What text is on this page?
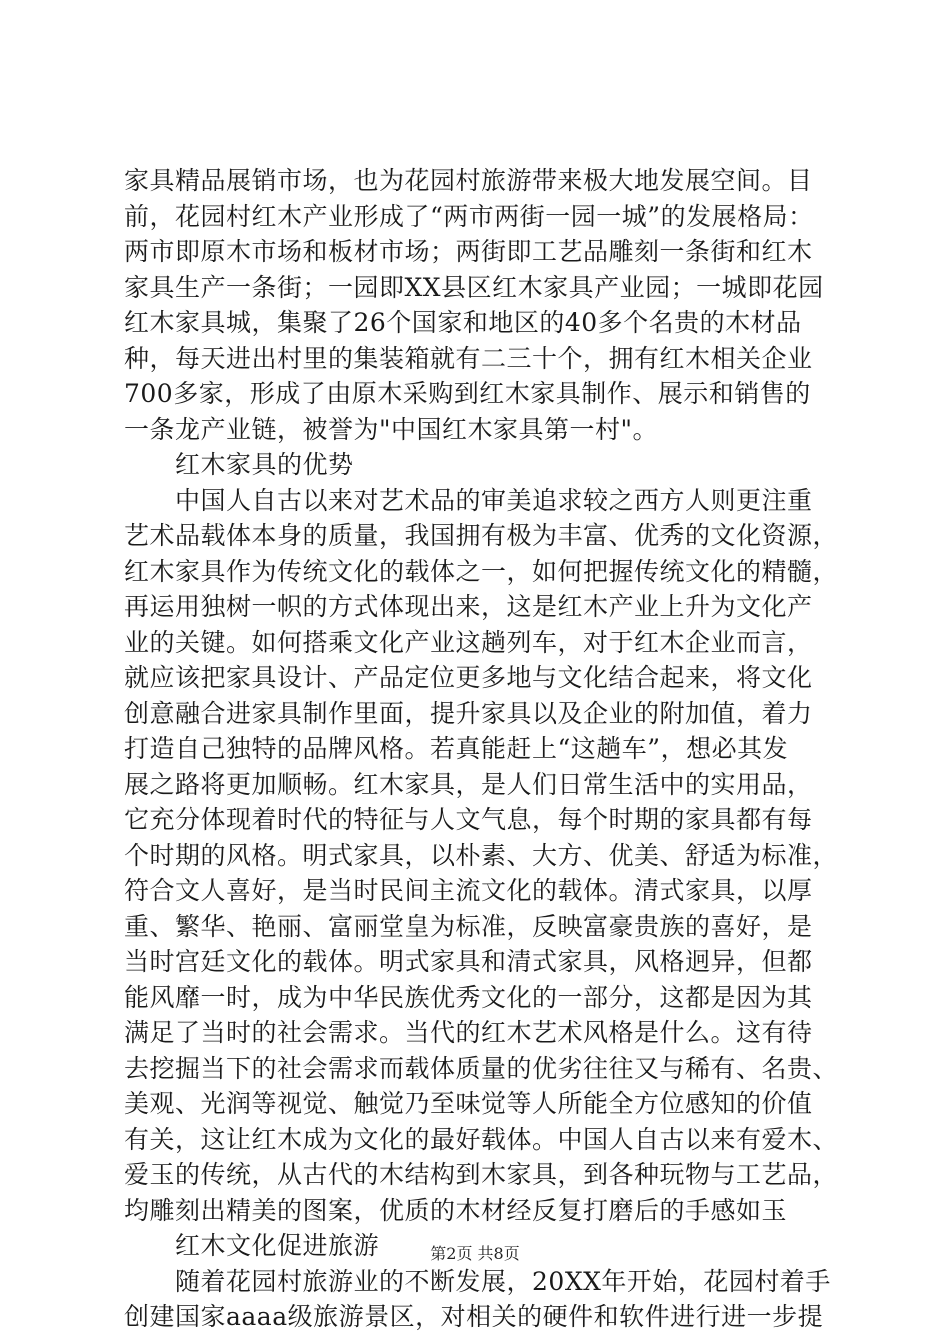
家具精品展销市场，也为花园村旅游带来极大地发展空间。目
前，花园村红木产业形成了“两市两街一园一城”的发展格局：
两市即原木市场和板材市场；两街即工艺品雕刻一条街和红木
家具生产一条街；一园即XX县区红木家具产业园；一城即花园
红木家具城，集聚了26个国家和地区的40多个名贵的木材品
种，每天进出村里的集装箱就有二三十个，拥有红木相关企业
700多家，形成了由原木采购到红木家具制作、展示和销售的
一条龙产业链，被誉为"中国红木家具第一村"。
　　红木家具的优势
　　中国人自古以来对艺术品的审美追求较之西方人则更注重
艺术品载体本身的质量，我国拥有极为丰富、优秀的文化资源，
红木家具作为传统文化的载体之一，如何把握传统文化的精髓，
再运用独树一帜的方式体现出来，这是红木产业上升为文化产
业的关键。如何搭乘文化产业这趟列车，对于红木企业而言，
就应该把家具设计、产品定位更多地与文化结合起来，将文化
创意融合进家具制作里面，提升家具以及企业的附加值，着力
打造自己独特的品牌风格。若真能赶上“这趟车”，想必其发
展之路将更加顺畅。红木家具，是人们日常生活中的实用品，
它充分体现着时代的特征与人文气息，每个时期的家具都有每
个时期的风格。明式家具，以朴素、大方、优美、舒适为标准，
符合文人喜好，是当时民间主流文化的载体。清式家具，以厚
重、繁华、艳丽、富丽堂皇为标准，反映富豪贵族的喜好，是
当时宫廷文化的载体。明式家具和清式家具，风格迥异，但都
能风靡一时，成为中华民族优秀文化的一部分，这都是因为其
满足了当时的社会需求。当代的红木艺术风格是什么。这有待
去挖掘当下的社会需求而载体质量的优劣往往又与稀有、名贵、
美观、光润等视觉、触觉乃至味觉等人所能全方位感知的价值
有关，这让红木成为文化的最好载体。中国人自古以来有爱木、
爱玉的传统，从古代的木结构到木家具，到各种玩物与工艺品，
均雕刻出精美的图案，优质的木材经反复打磨后的手感如玉
　　红木文化促进旅游
　　随着花园村旅游业的不断发展，20XX年开始，花园村着手
创建国家aaaa级旅游景区，对相关的硬件和软件进行进一步提
第2页 共8页
